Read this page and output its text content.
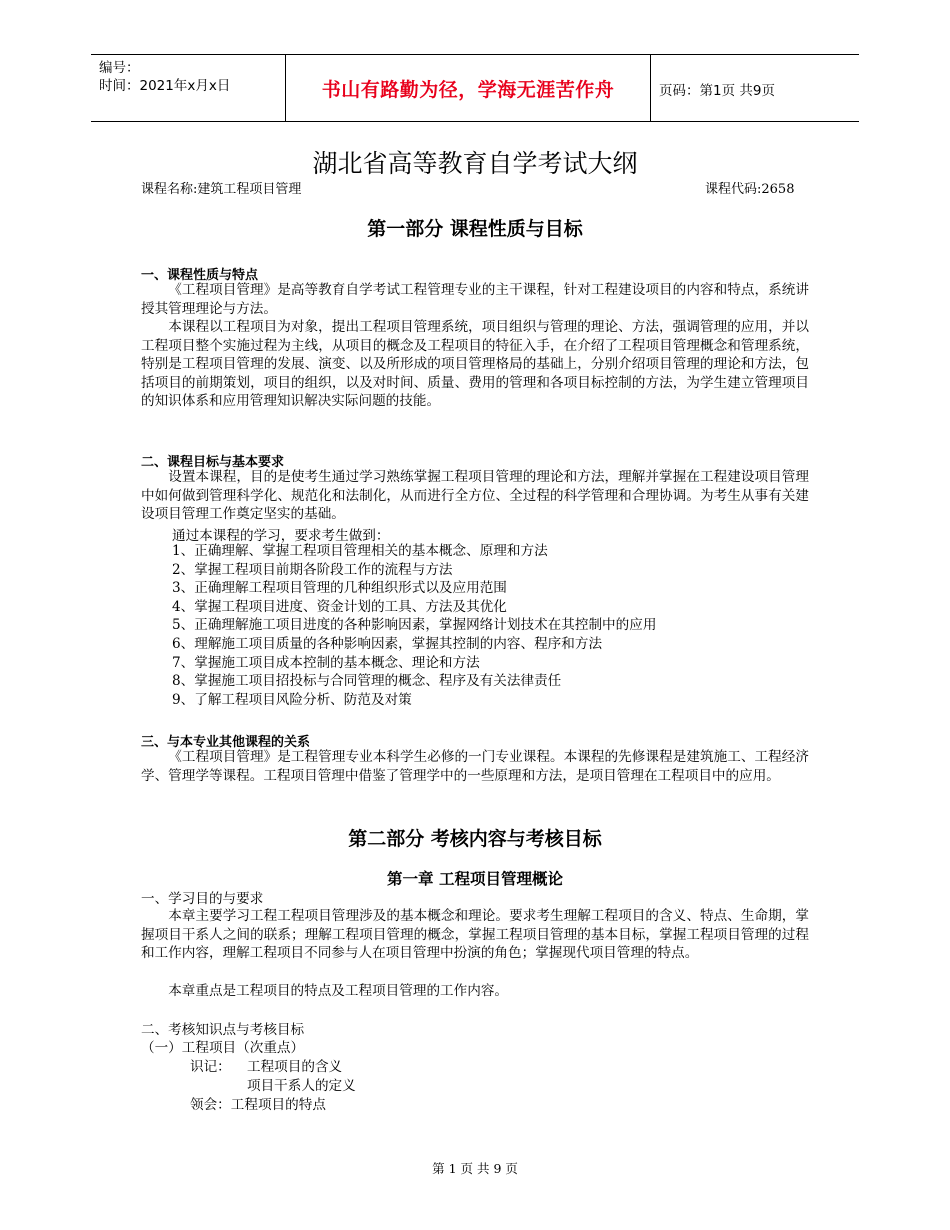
编号：
时间：2021年x月x日	书山有路勤为径，学海无涯苦作舟	页码：第1页 共9页
湖北省高等教育自学考试大纲
课程名称:建筑工程项目管理	课程代码:2658
第一部分 课程性质与目标
一、课程性质与特点

《工程项目管理》是高等教育自学考试工程管理专业的主干课程，针对工程建设项目的内容和特点，系统讲授其管理理论与方法。

本课程以工程项目为对象，提出工程项目管理系统，项目组织与管理的理论、方法，强调管理的应用，并以工程项目整个实施过程为主线，从项目的概念及工程项目的特征入手，在介绍了工程项目管理概念和管理系统，特别是工程项目管理的发展、演变、以及所形成的项目管理格局的基础上，分别介绍项目管理的理论和方法，包括项目的前期策划，项目的组织，以及对时间、质量、费用的管理和各项目标控制的方法，为学生建立管理项目的知识体系和应用管理知识解决实际问题的技能。

二、课程目标与基本要求

设置本课程，目的是使考生通过学习熟练掌握工程项目管理的理论和方法，理解并掌握在工程建设项目管理中如何做到管理科学化、规范化和法制化，从而进行全方位、全过程的科学管理和合理协调。为考生从事有关建设项目管理工作奠定坚实的基础。

通过本课程的学习，要求考生做到：
1、正确理解、掌握工程项目管理相关的基本概念、原理和方法
2、掌握工程项目前期各阶段工作的流程与方法
3、正确理解工程项目管理的几种组织形式以及应用范围
4、掌握工程项目进度、资金计划的工具、方法及其优化
5、正确理解施工项目进度的各种影响因素，掌握网络计划技术在其控制中的应用
6、理解施工项目质量的各种影响因素，掌握其控制的内容、程序和方法
7、掌握施工项目成本控制的基本概念、理论和方法
8、掌握施工项目招投标与合同管理的概念、程序及有关法律责任
9、了解工程项目风险分析、防范及对策
三、与本专业其他课程的关系

《工程项目管理》是工程管理专业本科学生必修的一门专业课程。本课程的先修课程是建筑施工、工程经济学、管理学等课程。工程项目管理中借鉴了管理学中的一些原理和方法，是项目管理在工程项目中的应用。

第二部分 考核内容与考核目标
第一章 工程项目管理概论
一、学习目的与要求

本章主要学习工程工程项目管理涉及的基本概念和理论。要求考生理解工程项目的含义、特点、生命期，掌握项目干系人之间的联系；理解工程项目管理的概念，掌握工程项目管理的基本目标，掌握工程项目管理的过程和工作内容，理解工程项目不同参与人在项目管理中扮演的角色；掌握现代项目管理的特点。

本章重点是工程项目的特点及工程项目管理的工作内容。

二、考核知识点与考核目标
（一）工程项目（次重点）
识记： 工程项目的含义
项目干系人的定义
领会：工程项目的特点
第 1 页 共 9 页
